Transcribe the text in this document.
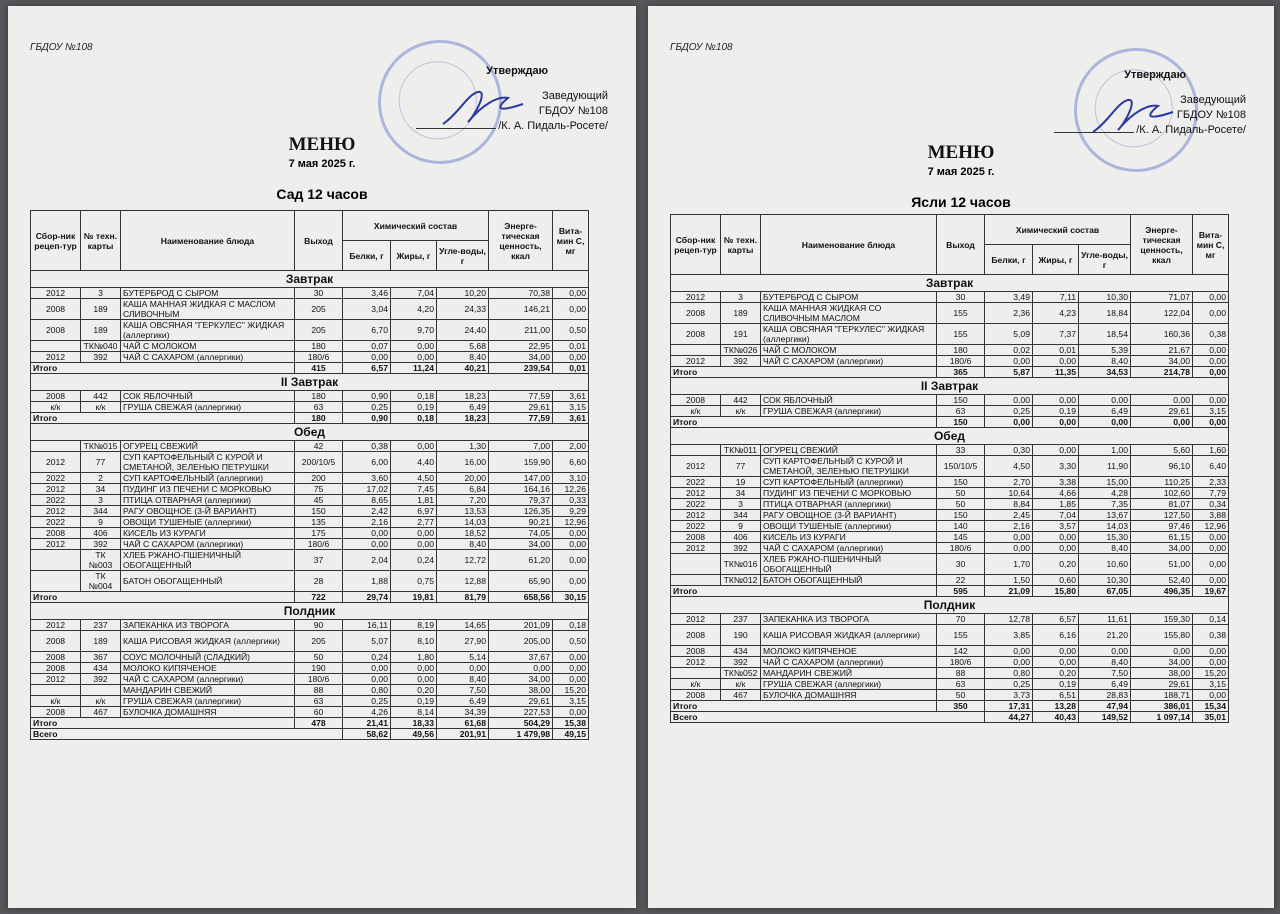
ГБДОУ №108
Утверждаю
Заведующий
ГБДОУ №108
/К. А. Пидаль-Росете/
МЕНЮ
7 мая 2025 г.
Сад 12 часов
Сбор-ник рецеп-тур	№ техн. карты	Наименование блюда	Выход	Химический состав			Энерге-тическая ценность, ккал	Вита-мин С, мг
				Белки, г	Жиры, г	Угле-воды, г		
Завтрак								
2012	3	БУТЕРБРОД С СЫРОМ	30	3,46	7,04	10,20	70,38	0,00
2008	189	КАША МАННАЯ ЖИДКАЯ С МАСЛОМ СЛИВОЧНЫМ	205	3,04	4,20	24,33	146,21	0,00
2008	189	КАША ОВСЯНАЯ "ГЕРКУЛЕС" ЖИДКАЯ (аллергики)	205	6,70	9,70	24,40	211,00	0,50
	ТК№040	ЧАЙ С МОЛОКОМ	180	0,07	0,00	5,68	22,95	0,01
2012	392	ЧАЙ С САХАРОМ (аллергики)	180/6	0,00	0,00	8,40	34,00	0,00
Итого			415	6,57	11,24	40,21	239,54	0,01
II Завтрак								
2008	442	СОК ЯБЛОЧНЫЙ	180	0,90	0,18	18,23	77,59	3,61
к/к	к/к	ГРУША СВЕЖАЯ (аллергики)	63	0,25	0,19	6,49	29,61	3,15
Итого			180	0,90	0,18	18,23	77,59	3,61
Обед								
	ТК№015	ОГУРЕЦ СВЕЖИЙ	42	0,38	0,00	1,30	7,00	2,00
2012	77	СУП КАРТОФЕЛЬНЫЙ С КУРОЙ И СМЕТАНОЙ, ЗЕЛЕНЬЮ ПЕТРУШКИ	200/10/5	6,00	4,40	16,00	159,90	6,60
2022	2	СУП КАРТОФЕЛЬНЫЙ (аллергики)	200	3,60	4,50	20,00	147,00	3,10
2012	34	ПУДИНГ ИЗ ПЕЧЕНИ С МОРКОВЬЮ	75	17,02	7,45	6,84	164,16	12,26
2022	3	ПТИЦА ОТВАРНАЯ (аллергики)	45	8,65	1,81	7,20	79,37	0,33
2012	344	РАГУ ОВОЩНОЕ (3-Й ВАРИАНТ)	150	2,42	6,97	13,53	126,35	9,29
2022	9	ОВОЩИ ТУШЕНЫЕ (аллергики)	135	2,16	2,77	14,03	90,21	12,96
2008	406	КИСЕЛЬ ИЗ КУРАГИ	175	0,00	0,00	18,52	74,05	0,00
2012	392	ЧАЙ С САХАРОМ (аллергики)	180/6	0,00	0,00	8,40	34,00	0,00
	ТК №003	ХЛЕБ РЖАНО-ПШЕНИЧНЫЙ ОБОГАЩЕННЫЙ	37	2,04	0,24	12,72	61,20	0,00
	ТК №004	БАТОН ОБОГАЩЕННЫЙ	28	1,88	0,75	12,88	65,90	0,00
Итого			722	29,74	19,81	81,79	658,56	30,15
Полдник								
2012	237	ЗАПЕКАНКА ИЗ ТВОРОГА	90	16,11	8,19	14,65	201,09	0,18
2008	189	КАША РИСОВАЯ ЖИДКАЯ (аллергики)	205	5,07	8,10	27,90	205,00	0,50
2008	367	СОУС МОЛОЧНЫЙ (СЛАДКИЙ)	50	0,24	1,80	5,14	37,67	0,00
2008	434	МОЛОКО КИПЯЧЕНОЕ	190	0,00	0,00	0,00	0,00	0,00
2012	392	ЧАЙ С САХАРОМ (аллергики)	180/6	0,00	0,00	8,40	34,00	0,00
		МАНДАРИН СВЕЖИЙ	88	0,80	0,20	7,50	38,00	15,20
к/к	к/к	ГРУША СВЕЖАЯ (аллергики)	63	0,25	0,19	6,49	29,61	3,15
2008	467	БУЛОЧКА ДОМАШНЯЯ	60	4,26	8,14	34,39	227,53	0,00
Итого			478	21,41	18,33	61,68	504,29	15,38
Всего				58,62	49,56	201,91	1 479,98	49,15
ГБДОУ №108
Утверждаю
Заведующий
ГБДОУ №108
/К. А. Пидаль-Росете/
МЕНЮ
7 мая 2025 г.
Ясли 12 часов
Сбор-ник рецеп-тур	№ техн. карты	Наименование блюда	Выход	Химический состав			Энерге-тическая ценность, ккал	Вита-мин С, мг
				Белки, г	Жиры, г	Угле-воды, г		
Завтрак								
2012	3	БУТЕРБРОД С СЫРОМ	30	3,49	7,11	10,30	71,07	0,00
2008	189	КАША МАННАЯ ЖИДКАЯ СО СЛИВОЧНЫМ МАСЛОМ	155	2,36	4,23	18,84	122,04	0,00
2008	191	КАША ОВСЯНАЯ "ГЕРКУЛЕС" ЖИДКАЯ (аллергики)	155	5,09	7,37	18,54	160,36	0,38
	ТК№026	ЧАЙ С МОЛОКОМ	180	0,02	0,01	5,39	21,67	0,00
2012	392	ЧАЙ С САХАРОМ (аллергики)	180/6	0,00	0,00	8,40	34,00	0,00
Итого			365	5,87	11,35	34,53	214,78	0,00
II Завтрак								
2008	442	СОК ЯБЛОЧНЫЙ	150	0,00	0,00	0,00	0,00	0,00
к/к	к/к	ГРУША СВЕЖАЯ (аллергики)	63	0,25	0,19	6,49	29,61	3,15
Итого			150	0,00	0,00	0,00	0,00	0,00
Обед								
	ТК№011	ОГУРЕЦ СВЕЖИЙ	33	0,30	0,00	1,00	5,60	1,60
2012	77	СУП КАРТОФЕЛЬНЫЙ С КУРОЙ И СМЕТАНОЙ, ЗЕЛЕНЬЮ ПЕТРУШКИ	150/10/5	4,50	3,30	11,90	96,10	6,40
2022	19	СУП КАРТОФЕЛЬНЫЙ (аллергики)	150	2,70	3,38	15,00	110,25	2,33
2012	34	ПУДИНГ ИЗ ПЕЧЕНИ С МОРКОВЬЮ	50	10,64	4,66	4,28	102,60	7,79
2022	3	ПТИЦА ОТВАРНАЯ (аллергики)	50	8,84	1,85	7,35	81,07	0,34
2012	344	РАГУ ОВОЩНОЕ (3-Й ВАРИАНТ)	150	2,45	7,04	13,67	127,50	3,88
2022	9	ОВОЩИ ТУШЕНЫЕ (аллергики)	140	2,16	3,57	14,03	97,46	12,96
2008	406	КИСЕЛЬ ИЗ КУРАГИ	145	0,00	0,00	15,30	61,15	0,00
2012	392	ЧАЙ С САХАРОМ (аллергики)	180/6	0,00	0,00	8,40	34,00	0,00
	ТК№016	ХЛЕБ РЖАНО-ПШЕНИЧНЫЙ ОБОГАЩЕННЫЙ	30	1,70	0,20	10,60	51,00	0,00
	ТК№012	БАТОН ОБОГАЩЕННЫЙ	22	1,50	0,60	10,30	52,40	0,00
Итого			595	21,09	15,80	67,05	496,35	19,67
Полдник								
2012	237	ЗАПЕКАНКА ИЗ ТВОРОГА	70	12,78	6,57	11,61	159,30	0,14
2008	190	КАША РИСОВАЯ ЖИДКАЯ (аллергики)	155	3,85	6,16	21,20	155,80	0,38
2008	434	МОЛОКО КИПЯЧЕНОЕ	142	0,00	0,00	0,00	0,00	0,00
2012	392	ЧАЙ С САХАРОМ (аллергики)	180/6	0,00	0,00	8,40	34,00	0,00
	ТК№052	МАНДАРИН СВЕЖИЙ	88	0,80	0,20	7,50	38,00	15,20
к/к	к/к	ГРУША СВЕЖАЯ (аллергики)	63	0,25	0,19	6,49	29,61	3,15
2008	467	БУЛОЧКА ДОМАШНЯЯ	50	3,73	6,51	28,83	188,71	0,00
Итого			350	17,31	13,28	47,94	386,01	15,34
Всего				44,27	40,43	149,52	1 097,14	35,01
